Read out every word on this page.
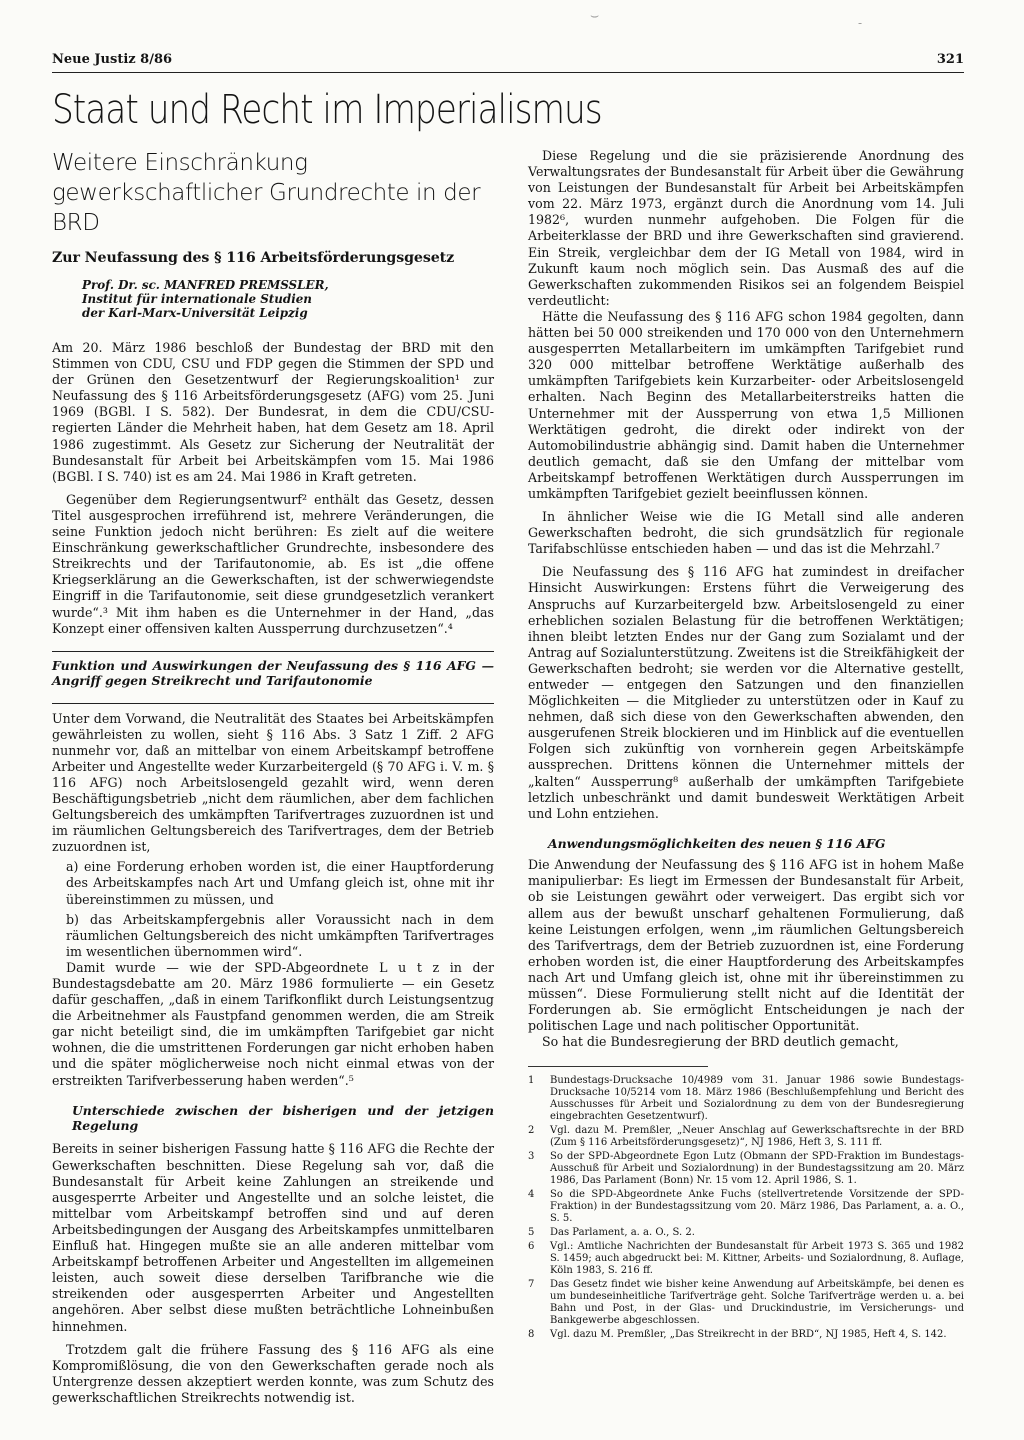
⌣	‑
Neue Justiz 8/86	321
Staat und Recht im Imperialismus
Weitere Einschränkung
gewerkschaftlicher Grundrechte in der BRD
Zur Neufassung des § 116 Arbeitsförderungsgesetz
Prof. Dr. sc. MANFRED PREMSSLER,
Institut für internationale Studien
der Karl-Marx-Universität Leipzig

Am 20. März 1986 beschloß der Bundestag der BRD mit den Stimmen von CDU, CSU und FDP gegen die Stimmen der SPD und der Grünen den Gesetzentwurf der Regierungskoalition¹ zur Neufassung des § 116 Arbeitsförderungsgesetz (AFG) vom 25. Juni 1969 (BGBl. I S. 582). Der Bundesrat, in dem die CDU/CSU-regierten Länder die Mehrheit haben, hat dem Gesetz am 18. April 1986 zugestimmt. Als Gesetz zur Sicherung der Neutralität der Bundesanstalt für Arbeit bei Arbeitskämpfen vom 15. Mai 1986 (BGBl. I S. 740) ist es am 24. Mai 1986 in Kraft getreten.

Gegenüber dem Regierungsentwurf² enthält das Gesetz, dessen Titel ausgesprochen irreführend ist, mehrere Veränderungen, die seine Funktion jedoch nicht berühren: Es zielt auf die weitere Einschränkung gewerkschaftlicher Grundrechte, insbesondere des Streikrechts und der Tarifautonomie, ab. Es ist „die offene Kriegserklärung an die Gewerkschaften, ist der schwerwiegendste Eingriff in die Tarifautonomie, seit diese grundgesetzlich verankert wurde“.³ Mit ihm haben es die Unternehmer in der Hand, „das Konzept einer offensiven kalten Aussperrung durchzusetzen“.⁴

Funktion und Auswirkungen der Neufassung des § 116 AFG — Angriff gegen Streikrecht und Tarifautonomie

Unter dem Vorwand, die Neutralität des Staates bei Arbeitskämpfen gewährleisten zu wollen, sieht § 116 Abs. 3 Satz 1 Ziff. 2 AFG nunmehr vor, daß an mittelbar von einem Arbeitskampf betroffene Arbeiter und Angestellte weder Kurzarbeitergeld (§ 70 AFG i. V. m. § 116 AFG) noch Arbeitslosengeld gezahlt wird, wenn deren Beschäftigungsbetrieb „nicht dem räumlichen, aber dem fachlichen Geltungsbereich des umkämpften Tarifvertrages zuzuordnen ist und im räumlichen Geltungsbereich des Tarifvertrages, dem der Betrieb zuzuordnen ist,

a) eine Forderung erhoben worden ist, die einer Hauptforderung des Arbeitskampfes nach Art und Umfang gleich ist, ohne mit ihr übereinstimmen zu müssen, und

b) das Arbeitskampfergebnis aller Voraussicht nach in dem räumlichen Geltungsbereich des nicht umkämpften Tarifvertrages im wesentlichen übernommen wird“.

Damit wurde — wie der SPD-Abgeordnete L u t z in der Bundestagsdebatte am 20. März 1986 formulierte — ein Gesetz dafür geschaffen, „daß in einem Tarifkonflikt durch Leistungsentzug die Arbeitnehmer als Faustpfand genommen werden, die am Streik gar nicht beteiligt sind, die im umkämpften Tarifgebiet gar nicht wohnen, die die umstrittenen Forderungen gar nicht erhoben haben und die später möglicherweise noch nicht einmal etwas von der erstreikten Tarifverbesserung haben werden“.⁵

Unterschiede zwischen der bisherigen und der jetzigen Regelung

Bereits in seiner bisherigen Fassung hatte § 116 AFG die Rechte der Gewerkschaften beschnitten. Diese Regelung sah vor, daß die Bundesanstalt für Arbeit keine Zahlungen an streikende und ausgesperrte Arbeiter und Angestellte und an solche leistet, die mittelbar vom Arbeitskampf betroffen sind und auf deren Arbeitsbedingungen der Ausgang des Arbeitskampfes unmittelbaren Einfluß hat. Hingegen mußte sie an alle anderen mittelbar vom Arbeitskampf betroffenen Arbeiter und Angestellten im allgemeinen leisten, auch soweit diese derselben Tarifbranche wie die streikenden oder ausgesperrten Arbeiter und Angestellten angehören. Aber selbst diese mußten beträchtliche Lohneinbußen hinnehmen.

Trotzdem galt die frühere Fassung des § 116 AFG als eine Kompromißlösung, die von den Gewerkschaften gerade noch als Untergrenze dessen akzeptiert werden konnte, was zum Schutz des gewerkschaftlichen Streikrechts notwendig ist.

Diese Regelung und die sie präzisierende Anordnung des Verwaltungsrates der Bundesanstalt für Arbeit über die Gewährung von Leistungen der Bundesanstalt für Arbeit bei Arbeitskämpfen vom 22. März 1973, ergänzt durch die Anordnung vom 14. Juli 1982⁶, wurden nunmehr aufgehoben. Die Folgen für die Arbeiterklasse der BRD und ihre Gewerkschaften sind gravierend. Ein Streik, vergleichbar dem der IG Metall von 1984, wird in Zukunft kaum noch möglich sein. Das Ausmaß des auf die Gewerkschaften zukommenden Risikos sei an folgendem Beispiel verdeutlicht:

Hätte die Neufassung des § 116 AFG schon 1984 gegolten, dann hätten bei 50 000 streikenden und 170 000 von den Unternehmern ausgesperrten Metallarbeitern im umkämpften Tarifgebiet rund 320 000 mittelbar betroffene Werktätige außerhalb des umkämpften Tarifgebiets kein Kurzarbeiter- oder Arbeitslosengeld erhalten. Nach Beginn des Metallarbeiterstreiks hatten die Unternehmer mit der Aussperrung von etwa 1,5 Millionen Werktätigen gedroht, die direkt oder indirekt von der Automobilindustrie abhängig sind. Damit haben die Unternehmer deutlich gemacht, daß sie den Umfang der mittelbar vom Arbeitskampf betroffenen Werktätigen durch Aussperrungen im umkämpften Tarifgebiet gezielt beeinflussen können.

In ähnlicher Weise wie die IG Metall sind alle anderen Gewerkschaften bedroht, die sich grundsätzlich für regionale Tarifabschlüsse entschieden haben — und das ist die Mehrzahl.⁷

Die Neufassung des § 116 AFG hat zumindest in dreifacher Hinsicht Auswirkungen: Erstens führt die Verweigerung des Anspruchs auf Kurzarbeitergeld bzw. Arbeitslosengeld zu einer erheblichen sozialen Belastung für die betroffenen Werktätigen; ihnen bleibt letzten Endes nur der Gang zum Sozialamt und der Antrag auf Sozialunterstützung. Zweitens ist die Streikfähigkeit der Gewerkschaften bedroht; sie werden vor die Alternative gestellt, entweder — entgegen den Satzungen und den finanziellen Möglichkeiten — die Mitglieder zu unterstützen oder in Kauf zu nehmen, daß sich diese von den Gewerkschaften abwenden, den ausgerufenen Streik blockieren und im Hinblick auf die eventuellen Folgen sich zukünftig von vornherein gegen Arbeitskämpfe aussprechen. Drittens können die Unternehmer mittels der „kalten“ Aussperrung⁸ außerhalb der umkämpften Tarifgebiete letzlich unbeschränkt und damit bundesweit Werktätigen Arbeit und Lohn entziehen.

Anwendungsmöglichkeiten des neuen § 116 AFG

Die Anwendung der Neufassung des § 116 AFG ist in hohem Maße manipulierbar: Es liegt im Ermessen der Bundesanstalt für Arbeit, ob sie Leistungen gewährt oder verweigert. Das ergibt sich vor allem aus der bewußt unscharf gehaltenen Formulierung, daß keine Leistungen erfolgen, wenn „im räumlichen Geltungsbereich des Tarifvertrags, dem der Betrieb zuzuordnen ist, eine Forderung erhoben worden ist, die einer Hauptforderung des Arbeitskampfes nach Art und Umfang gleich ist, ohne mit ihr übereinstimmen zu müssen“. Diese Formulierung stellt nicht auf die Identität der Forderungen ab. Sie ermöglicht Entscheidungen je nach der politischen Lage und nach politischer Opportunität.

So hat die Bundesregierung der BRD deutlich gemacht,

1	Bundestags-Drucksache 10/4989 vom 31. Januar 1986 sowie Bundestags-Drucksache 10/5214 vom 18. März 1986 (Beschlußempfehlung und Bericht des Ausschusses für Arbeit und Sozialordnung zu dem von der Bundesregierung eingebrachten Gesetzentwurf).
2	Vgl. dazu M. Premßler, „Neuer Anschlag auf Gewerkschaftsrechte in der BRD (Zum § 116 Arbeitsförderungsgesetz)“, NJ 1986, Heft 3, S. 111 ff.
3	So der SPD-Abgeordnete Egon Lutz (Obmann der SPD-Fraktion im Bundestags-Ausschuß für Arbeit und Sozialordnung) in der Bundestagssitzung am 20. März 1986, Das Parlament (Bonn) Nr. 15 vom 12. April 1986, S. 1.
4	So die SPD-Abgeordnete Anke Fuchs (stellvertretende Vorsitzende der SPD-Fraktion) in der Bundestagssitzung vom 20. März 1986, Das Parlament, a. a. O., S. 5.
5	Das Parlament, a. a. O., S. 2.
6	Vgl.: Amtliche Nachrichten der Bundesanstalt für Arbeit 1973 S. 365 und 1982 S. 1459; auch abgedruckt bei: M. Kittner, Arbeits- und Sozialordnung, 8. Auflage, Köln 1983, S. 216 ff.
7	Das Gesetz findet wie bisher keine Anwendung auf Arbeitskämpfe, bei denen es um bundeseinheitliche Tarifverträge geht. Solche Tarifverträge werden u. a. bei Bahn und Post, in der Glas- und Druckindustrie, im Versicherungs- und Bankgewerbe abgeschlossen.
8	Vgl. dazu M. Premßler, „Das Streikrecht in der BRD“, NJ 1985, Heft 4, S. 142.
